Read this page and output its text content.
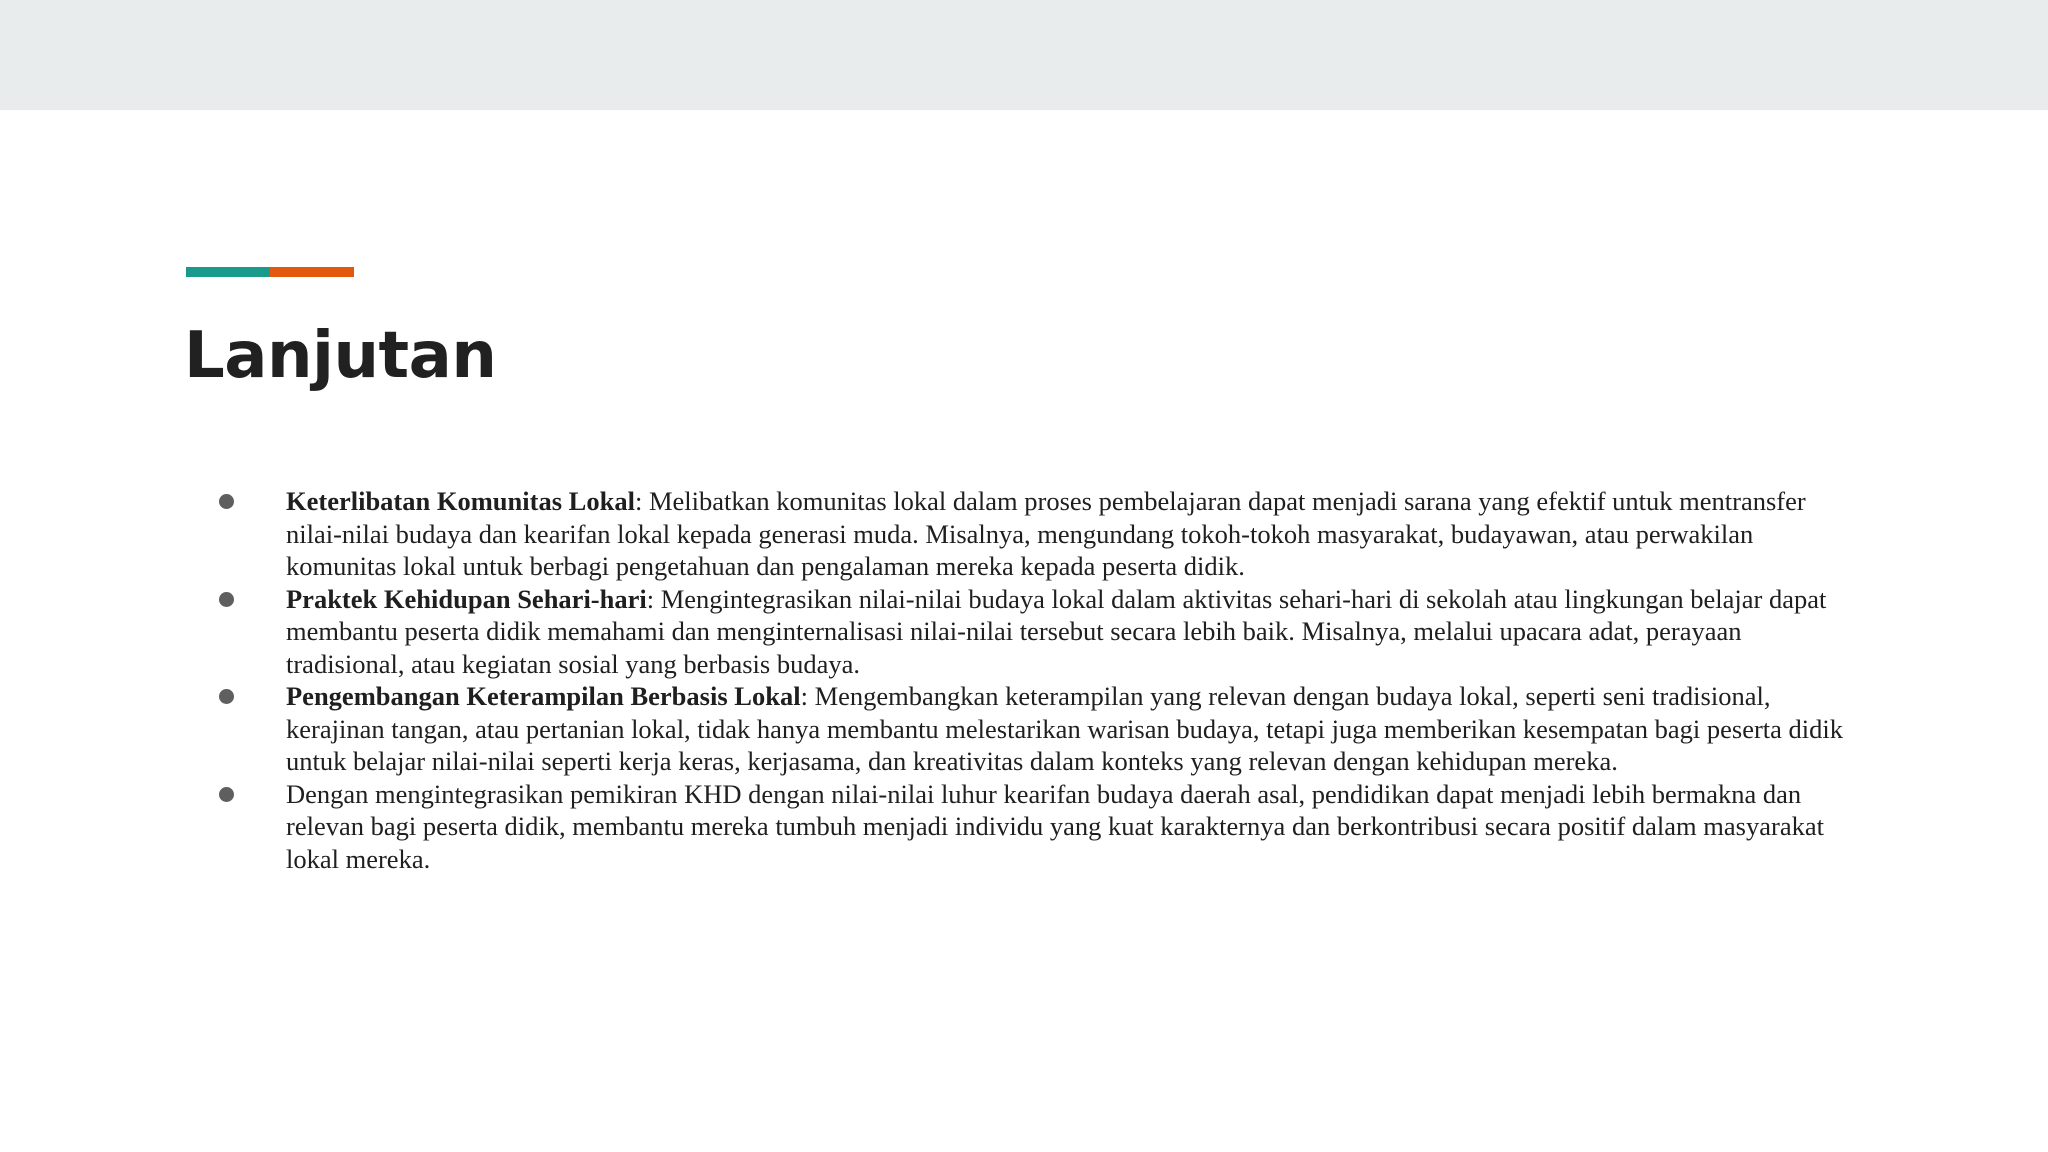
Lanjutan
Keterlibatan Komunitas Lokal: Melibatkan komunitas lokal dalam proses pembelajaran dapat menjadi sarana yang efektif untuk mentransfer nilai-nilai budaya dan kearifan lokal kepada generasi muda. Misalnya, mengundang tokoh-tokoh masyarakat, budayawan, atau perwakilan komunitas lokal untuk berbagi pengetahuan dan pengalaman mereka kepada peserta didik.
Praktek Kehidupan Sehari-hari: Mengintegrasikan nilai-nilai budaya lokal dalam aktivitas sehari-hari di sekolah atau lingkungan belajar dapat membantu peserta didik memahami dan menginternalisasi nilai-nilai tersebut secara lebih baik. Misalnya, melalui upacara adat, perayaan tradisional, atau kegiatan sosial yang berbasis budaya.
Pengembangan Keterampilan Berbasis Lokal: Mengembangkan keterampilan yang relevan dengan budaya lokal, seperti seni tradisional, kerajinan tangan, atau pertanian lokal, tidak hanya membantu melestarikan warisan budaya, tetapi juga memberikan kesempatan bagi peserta didik untuk belajar nilai-nilai seperti kerja keras, kerjasama, dan kreativitas dalam konteks yang relevan dengan kehidupan mereka.
Dengan mengintegrasikan pemikiran KHD dengan nilai-nilai luhur kearifan budaya daerah asal, pendidikan dapat menjadi lebih bermakna dan relevan bagi peserta didik, membantu mereka tumbuh menjadi individu yang kuat karakternya dan berkontribusi secara positif dalam masyarakat lokal mereka.
